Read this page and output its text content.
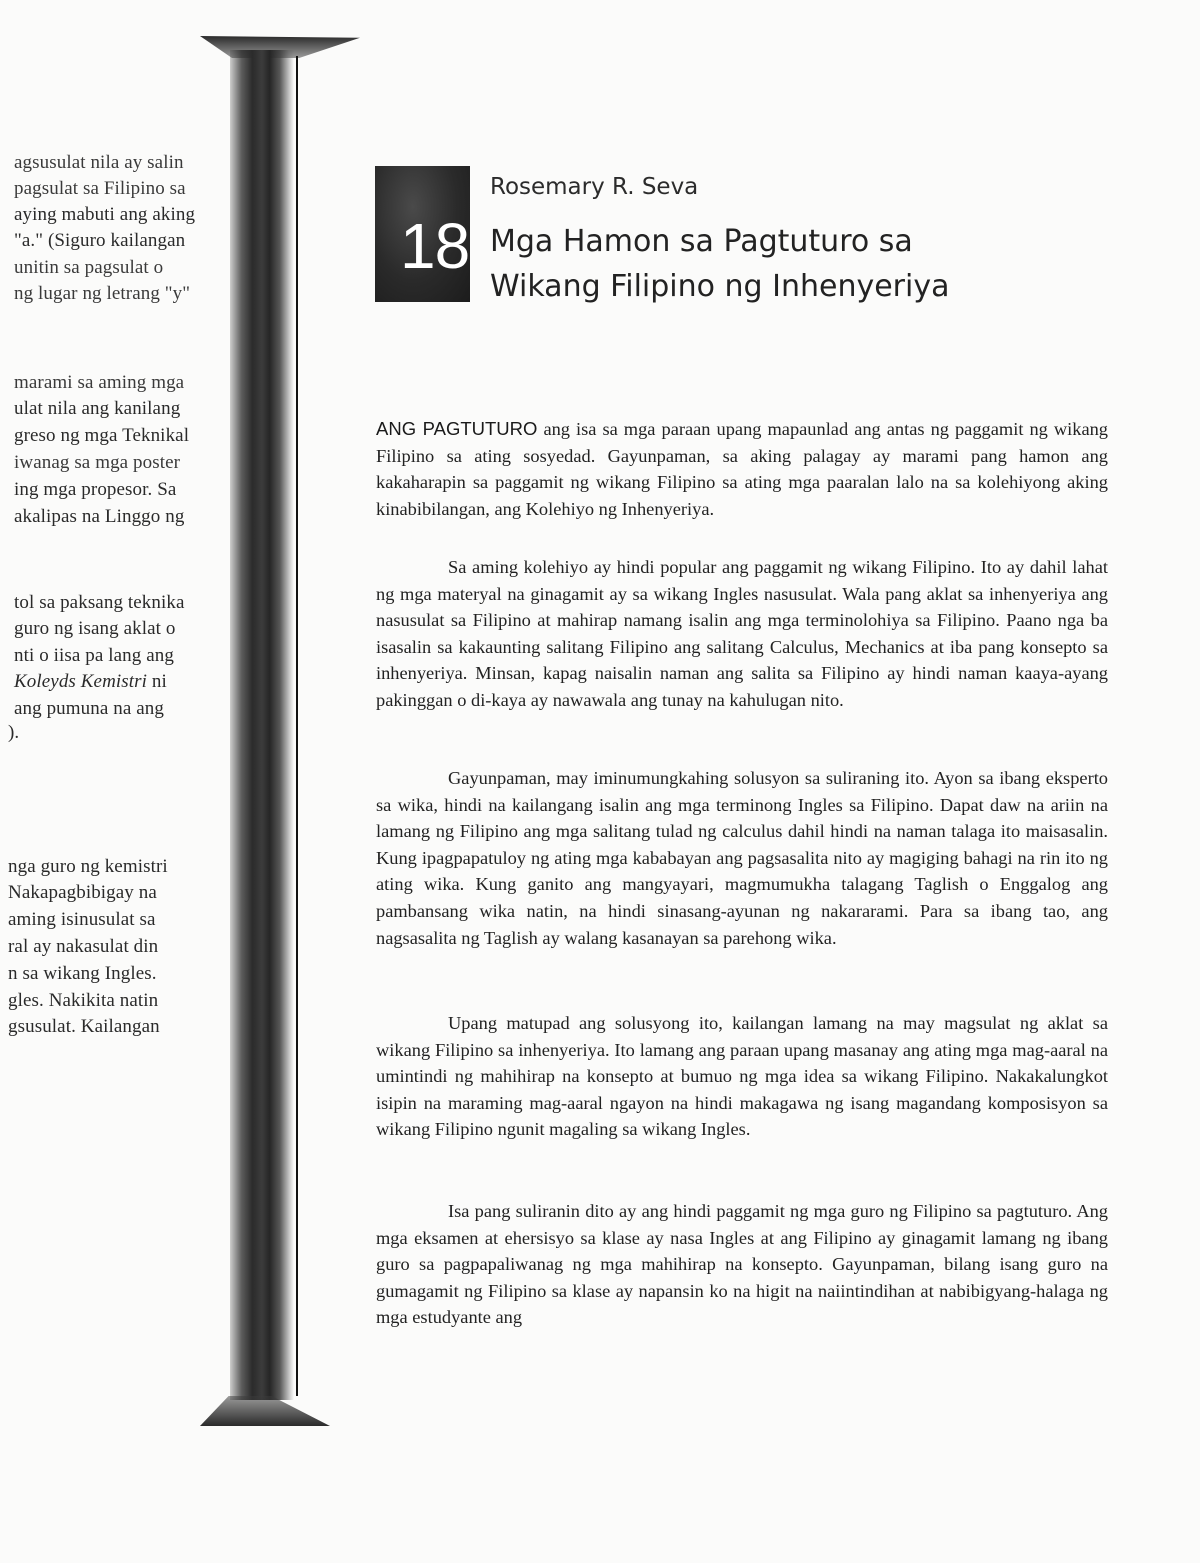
agsusulat nila ay salin
pagsulat sa Filipino sa
aying mabuti ang aking
"a." (Siguro kailangan
unitin sa pagsulat o
ng lugar ng letrang "y"
marami sa aming mga
ulat nila ang kanilang
greso ng mga Teknikal
iwanag sa mga poster
ing mga propesor. Sa
akalipas na Linggo ng
tol sa paksang teknika
guro ng isang aklat o
nti o iisa pa lang ang
Koleyds Kemistri ni
ang pumuna na ang
).
nga guro ng kemistri
Nakapagbibigay na
aming isinusulat sa
ral ay nakasulat din
n sa wikang Ingles.
gles. Nakikita natin
gsusulat. Kailangan
18
Rosemary R. Seva
Mga Hamon sa Pagtuturo sa
Wikang Filipino ng Inhenyeriya

ANG PAGTUTURO ang isa sa mga paraan upang mapaunlad ang antas ng paggamit ng wikang Filipino sa ating sosyedad. Gayunpaman, sa aking palagay ay marami pang hamon ang kakaharapin sa paggamit ng wikang Filipino sa ating mga paaralan lalo na sa kolehiyong aking kinabibilangan, ang Kolehiyo ng Inhenyeriya.

Sa aming kolehiyo ay hindi popular ang paggamit ng wikang Filipino. Ito ay dahil lahat ng mga materyal na ginagamit ay sa wikang Ingles nasusulat. Wala pang aklat sa inhenyeriya ang nasusulat sa Filipino at mahirap namang isalin ang mga terminolohiya sa Filipino. Paano nga ba isasalin sa kakaunting salitang Filipino ang salitang Calculus, Mechanics at iba pang konsepto sa inhenyeriya. Minsan, kapag naisalin naman ang salita sa Filipino ay hindi naman kaaya-ayang pakinggan o di-kaya ay nawawala ang tunay na kahulugan nito.

Gayunpaman, may iminumungkahing solusyon sa suliraning ito. Ayon sa ibang eksperto sa wika, hindi na kailangang isalin ang mga terminong Ingles sa Filipino. Dapat daw na ariin na lamang ng Filipino ang mga salitang tulad ng calculus dahil hindi na naman talaga ito maisasalin. Kung ipagpapatuloy ng ating mga kababayan ang pagsasalita nito ay magiging bahagi na rin ito ng ating wika. Kung ganito ang mangyayari, magmumukha talagang Taglish o Enggalog ang pambansang wika natin, na hindi sinasang-ayunan ng nakararami. Para sa ibang tao, ang nagsasalita ng Taglish ay walang kasanayan sa parehong wika.

Upang matupad ang solusyong ito, kailangan lamang na may magsulat ng aklat sa wikang Filipino sa inhenyeriya. Ito lamang ang paraan upang masanay ang ating mga mag-aaral na umintindi ng mahihirap na konsepto at bumuo ng mga idea sa wikang Filipino. Nakakalungkot isipin na maraming mag-aaral ngayon na hindi makagawa ng isang magandang komposisyon sa wikang Filipino ngunit magaling sa wikang Ingles.

Isa pang suliranin dito ay ang hindi paggamit ng mga guro ng Filipino sa pagtuturo. Ang mga eksamen at ehersisyo sa klase ay nasa Ingles at ang Filipino ay ginagamit lamang ng ibang guro sa pagpapaliwanag ng mga mahihirap na konsepto. Gayunpaman, bilang isang guro na gumagamit ng Filipino sa klase ay napansin ko na higit na naiintindihan at nabibigyang-halaga ng mga estudyante ang
